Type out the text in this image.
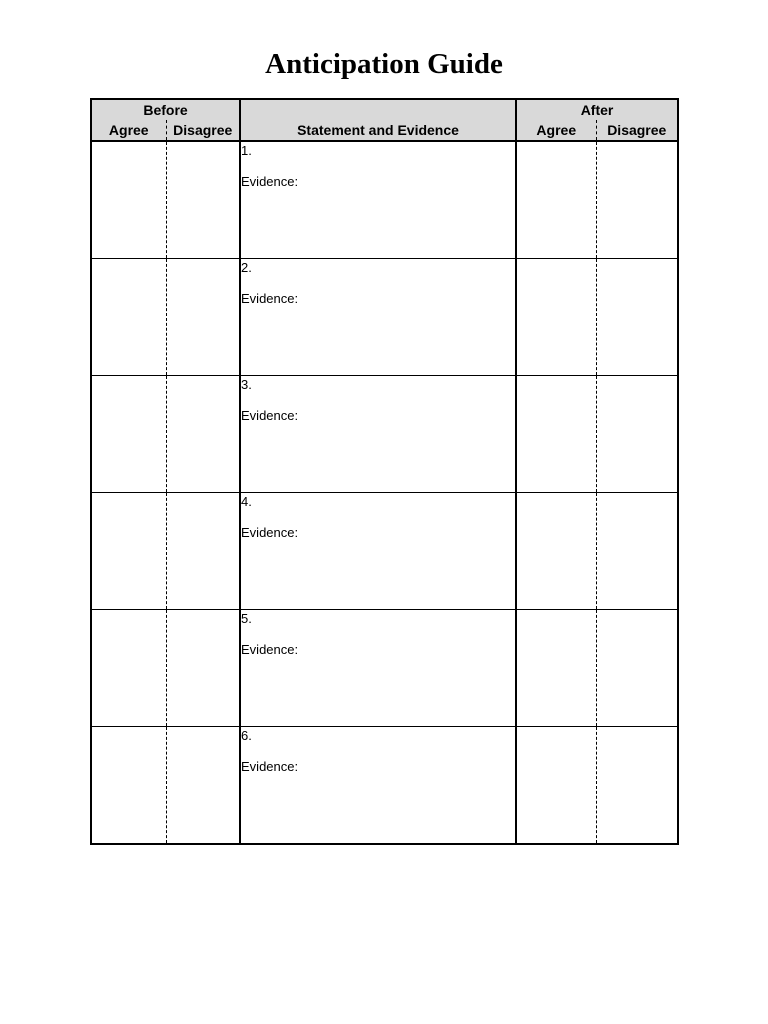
Anticipation Guide
Before		Statement and Evidence	After	
Agree	Disagree		Agree	Disagree

		1.
Evidence:		

		2.
Evidence:		

		3.
Evidence:		

		4.
Evidence:		

		5.
Evidence:		

		6.
Evidence:		
